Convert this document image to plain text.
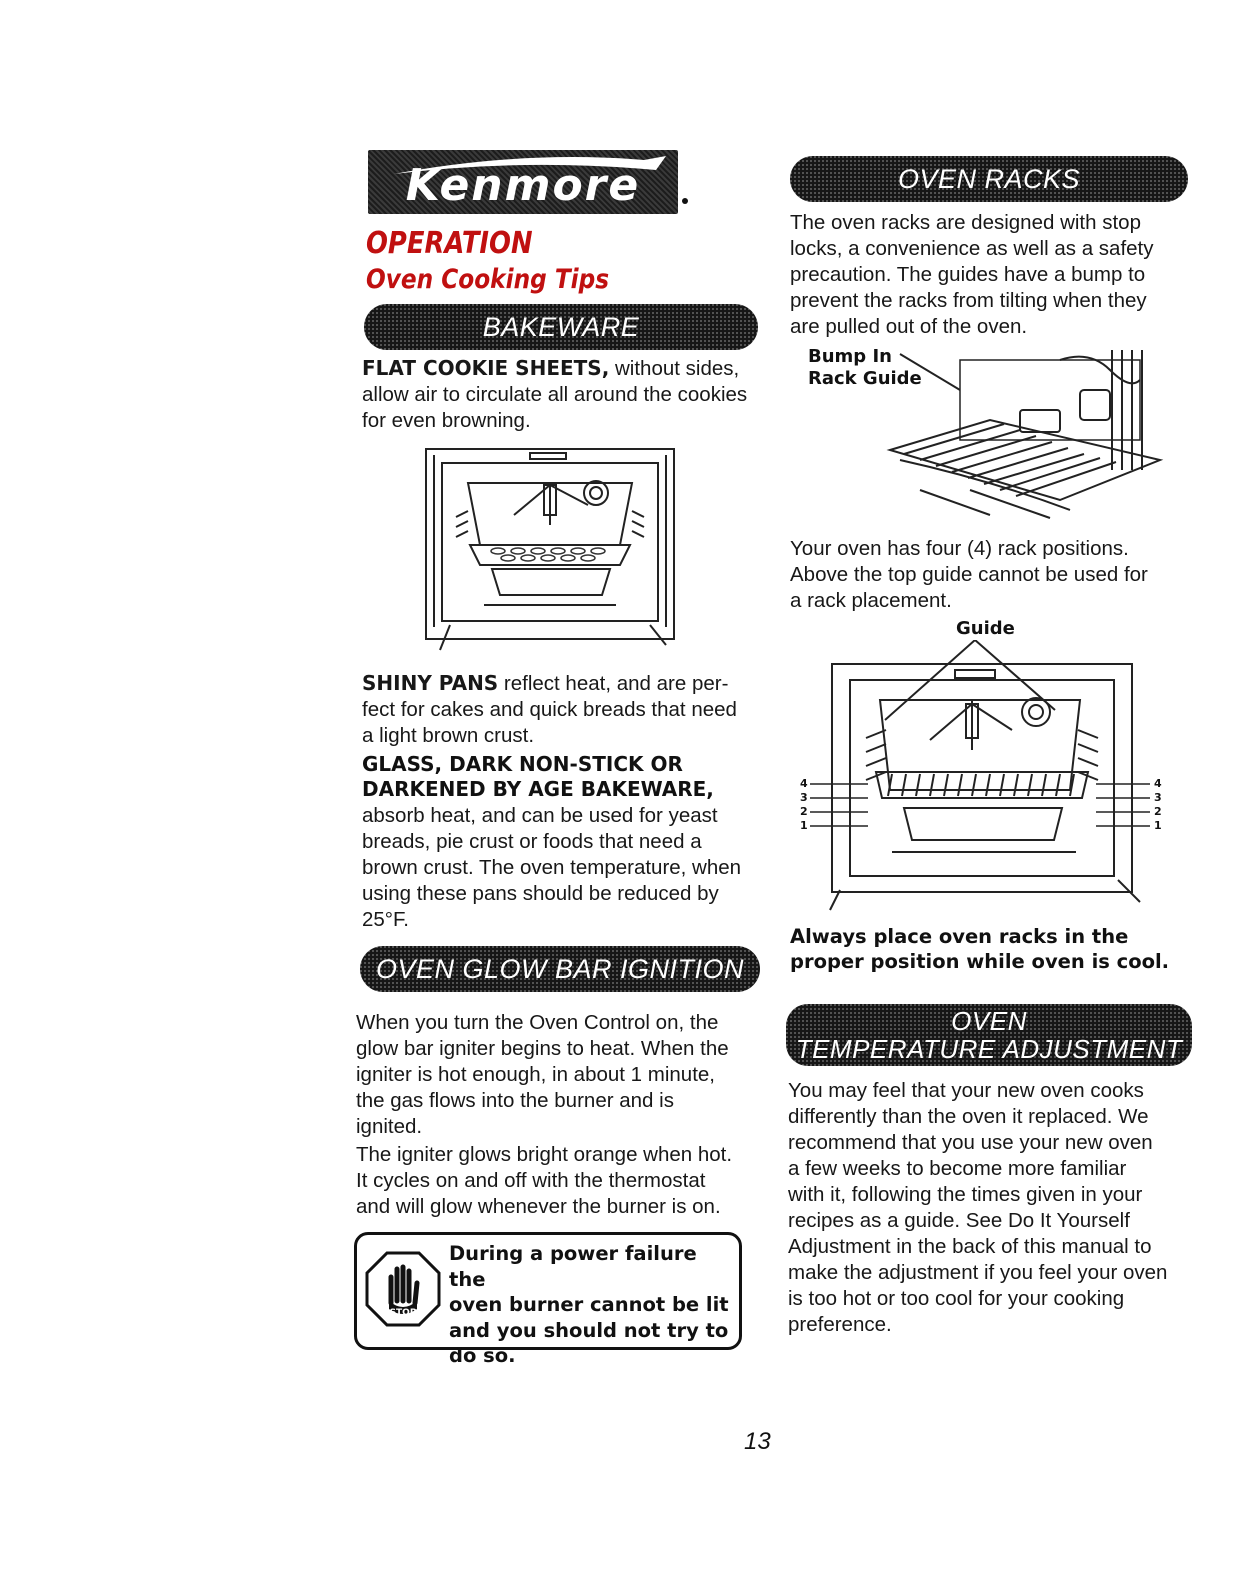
Kenmore
OPERATION
Oven Cooking Tips
BAKEWARE
FLAT COOKIE SHEETS, without sides,
allow air to circulate all around the cookies
for even browning.
SHINY PANS reflect heat, and are per-
fect for cakes and quick breads that need
a light brown crust.
GLASS, DARK NON-STICK OR
DARKENED BY AGE BAKEWARE,
absorb heat, and can be used for yeast
breads, pie crust or foods that need a
brown crust. The oven temperature, when
using these pans should be reduced by
25°F.
OVEN GLOW BAR IGNITION
When you turn the Oven Control on, the
glow bar igniter begins to heat. When the
igniter is hot enough, in about 1 minute,
the gas flows into the burner and is
ignited.
The igniter glows bright orange when hot.
It cycles on and off with the thermostat
and will glow whenever the burner is on.
STOP
During a power failure the
oven burner cannot be lit
and you should not try to
do so.
OVEN RACKS
The oven racks are designed with stop
locks, a convenience as well as a safety
precaution. The guides have a bump to
prevent the racks from tilting when they
are pulled out of the oven.
Bump In
Rack Guide
Your oven has four (4) rack positions.
Above the top guide cannot be used for
a rack placement.
Guide
4
3
2
1
4
3
2
1
Always place oven racks in the
proper position while oven is cool.
OVEN
TEMPERATURE ADJUSTMENT
You may feel that your new oven cooks
differently than the oven it replaced. We
recommend that you use your new oven
a few weeks to become more familiar
with it, following the times given in your
recipes as a guide. See Do It Yourself
Adjustment in the back of this manual to
make the adjustment if you feel your oven
is too hot or too cool for your cooking
preference.
13
